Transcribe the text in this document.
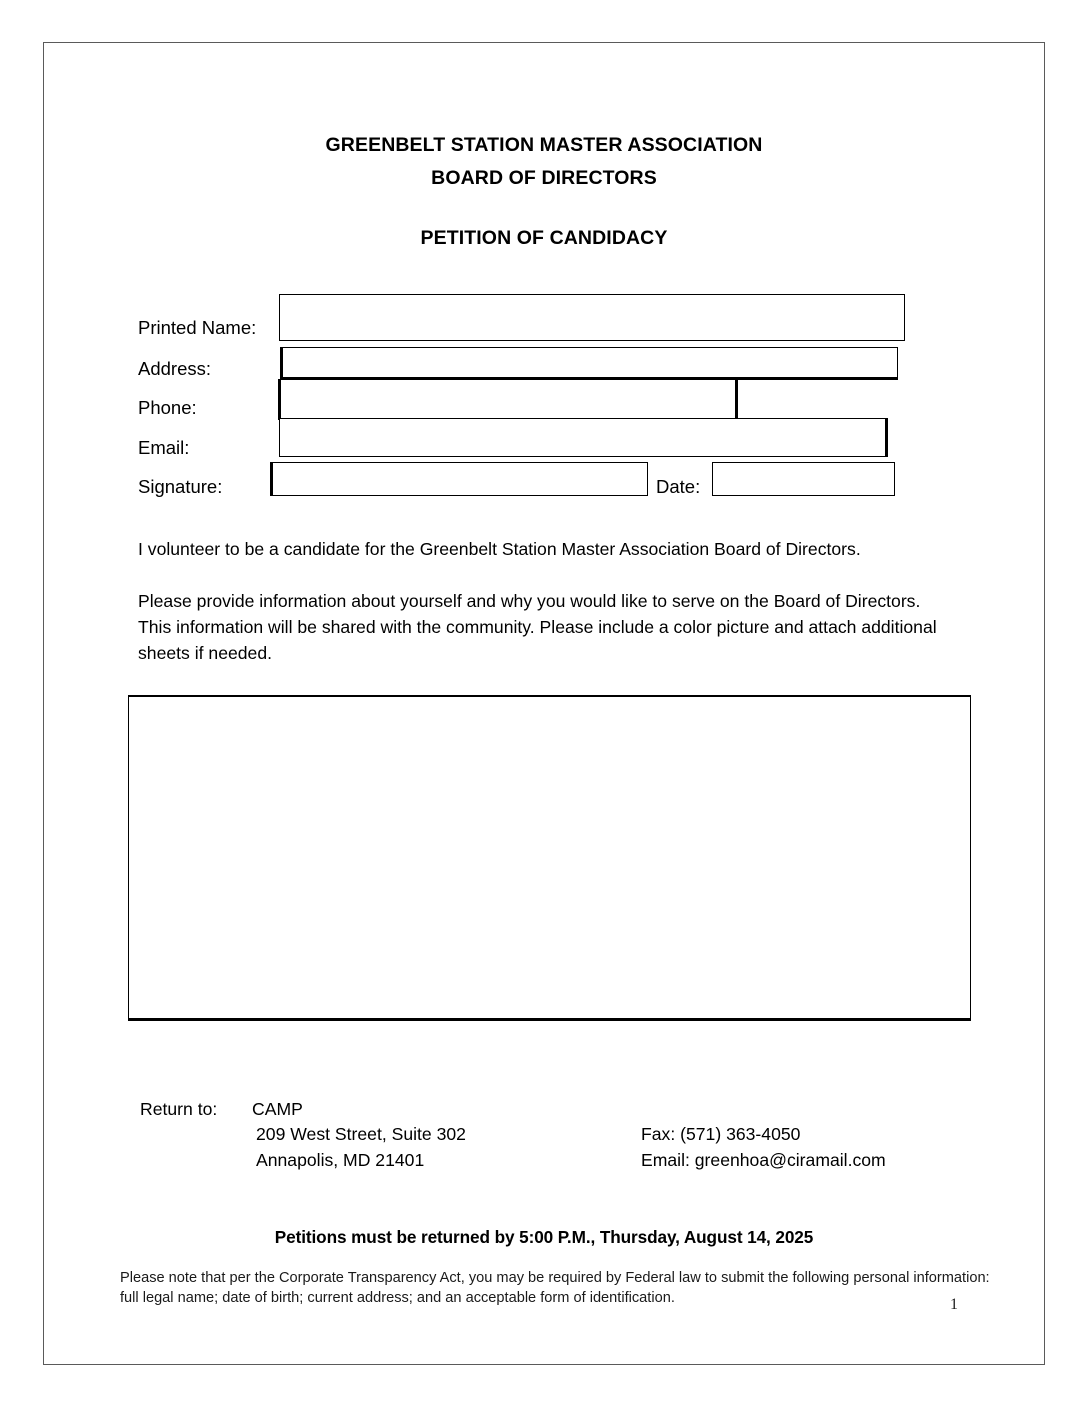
GREENBELT STATION MASTER ASSOCIATION
BOARD OF DIRECTORS
PETITION OF CANDIDACY
Printed Name:
Address:
Phone:
Email:
Signature:	Date:
I volunteer to be a candidate for the Greenbelt Station Master Association Board of Directors.
Please provide information about yourself and why you would like to serve on the Board of Directors. This information will be shared with the community. Please include a color picture and attach additional sheets if needed.
Return to: CAMP
209 West Street, Suite 302
Annapolis, MD 21401
Fax: (571) 363-4050
Email: greenhoa@ciramail.com
Petitions must be returned by 5:00 P.M., Thursday, August 14, 2025
Please note that per the Corporate Transparency Act, you may be required by Federal law to submit the following personal information: full legal name; date of birth; current address; and an acceptable form of identification.	1
